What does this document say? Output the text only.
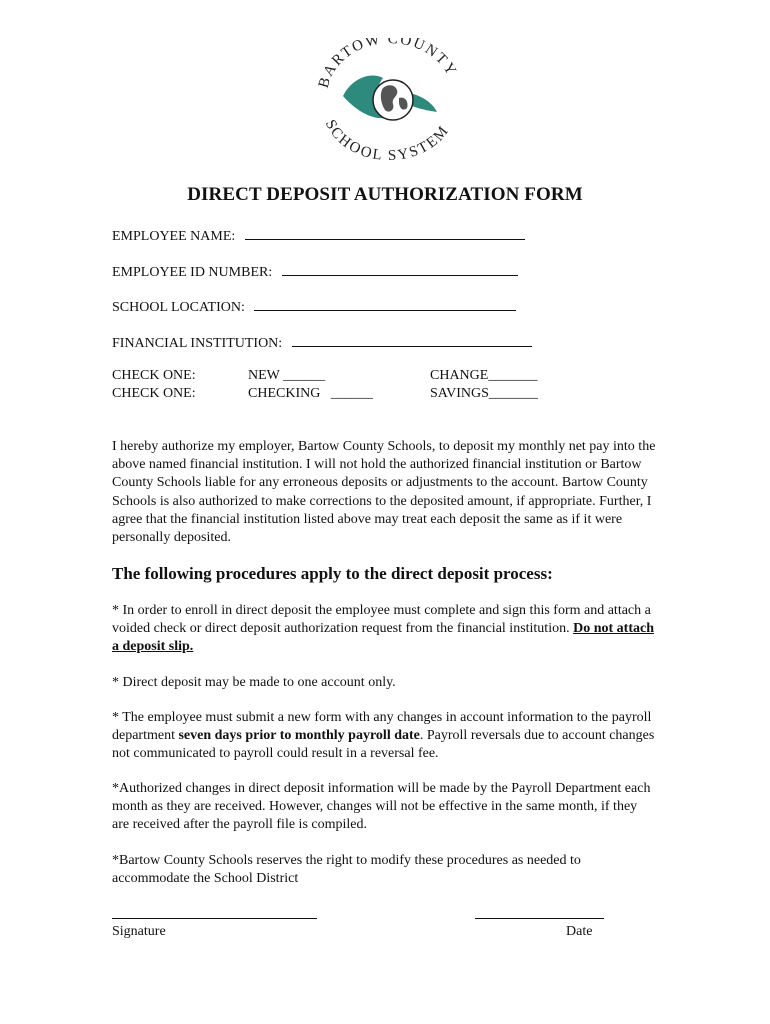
BARTOW COUNTY
SCHOOL SYSTEM
DIRECT DEPOSIT AUTHORIZATION FORM
EMPLOYEE NAME:
EMPLOYEE ID NUMBER:
SCHOOL LOCATION:
FINANCIAL INSTITUTION:
CHECK ONE:	NEW ______	CHANGE_______
CHECK ONE:	CHECKING   ______	SAVINGS_______
I hereby authorize my employer, Bartow County Schools, to deposit my monthly net pay into the above named financial institution. I will not hold the authorized financial institution or Bartow County Schools liable for any erroneous deposits or adjustments to the account. Bartow County Schools is also authorized to make corrections to the deposited amount, if appropriate. Further, I agree that the financial institution listed above may treat each deposit the same as if it were personally deposited.
The following procedures apply to the direct deposit process:
* In order to enroll in direct deposit the employee must complete and sign this form and attach a voided check or direct deposit authorization request from the financial institution. Do not attach a deposit slip.
* Direct deposit may be made to one account only.
* The employee must submit a new form with any changes in account information to the payroll department seven days prior to monthly payroll date. Payroll reversals due to account changes not communicated to payroll could result in a reversal fee.
*Authorized changes in direct deposit information will be made by the Payroll Department each month as they are received. However, changes will not be effective in the same month, if they are received after the payroll file is compiled.
*Bartow County Schools reserves the right to modify these procedures as needed to accommodate the School District
Signature	Date
